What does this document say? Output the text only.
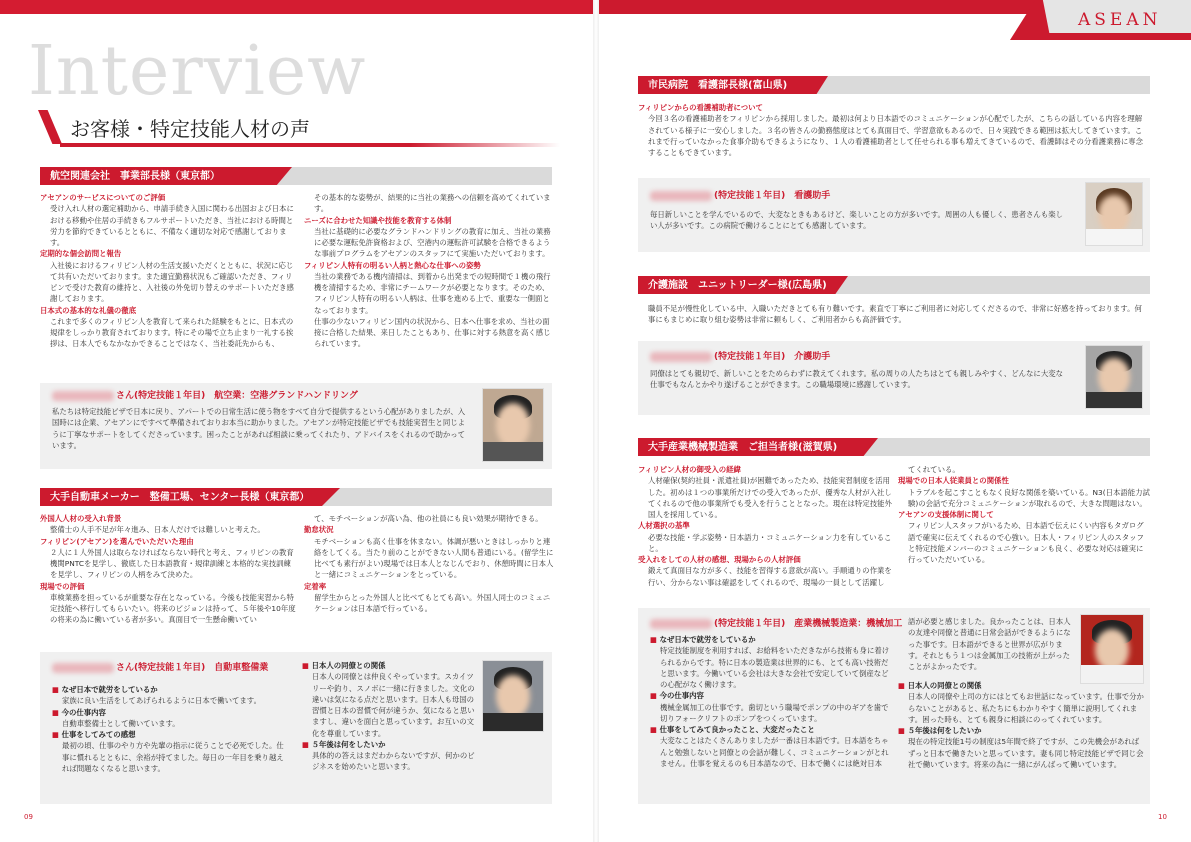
ASEAN
Interview
お客様・特定技能人材の声
航空関連会社　事業部長様（東京都）
アセアンのサービスについてのご評価
受け入れ人材の選定補助から、申請手続き入国に関わる出国および日本における移動や住居の手続きもフルサポートいただき、当社における時間と労力を節約できているとともに、不備なく適切な対応で感謝しております。
定期的な個会訪問と報告
入社後におけるフィリピン人材の生活支援いただくとともに、状況に応じて共有いただいております。また適宜勤務状況もご確認いただき、フィリピンで受けた教育の維持と、入社後の外免切り替えのサポートいただき感謝しております。
日本式の基本的な礼儀の徹底
これまで多くのフィリピン人を教育して来られた経験をもとに、日本式の規律をしっかり教育されております。特にその場で立ち止まり一礼する挨拶は、日本人でもなかなかできることではなく、当社委託先からも、
その基本的な姿勢が、結果的に当社の業務への信頼を高めてくれています。
ニーズに合わせた知識や技能を教育する体制
当社に基礎的に必要なグランドハンドリングの教育に加え、当社の業務に必要な運転免許資格および、空港内の運転許可試験を合格できるような事前プログラムをアセアンのスタッフにて実施いただいております。
フィリピン人特有の明るい人柄と熱心な仕事への姿勢
当社の業務である機内清掃は、到着から出発までの短時間で１機の飛行機を清掃するため、非常にチームワークが必要となります。そのため、フィリピン人特有の明るい人柄は、仕事を進める上で、重要な一側面となっております。
仕事の少ないフィリピン国内の状況から、日本へ仕事を求め、当社の面接に合格した結果、来日したこともあり、仕事に対する熱意を高く感じられています。
さん(特定技能１年目)　航空業：空港グランドハンドリング
私たちは特定技能ビザで日本に戻り、アパートでの日常生活に使う物をすべて自分で提供するという心配がありましたが、入国時には企業、アセアンにですべて準備されておりお本当に助かりました。アセアンが特定技能ビザでも技能実習生と同じように丁寧なサポートをしてくださっています。困ったことがあれば相談に乗ってくれたり、アドバイスをくれるので助かっています。
大手自動車メーカー　整備工場、センター長様（東京都）
外国人人材の受入れ背景
整備士の人手不足が年々進み、日本人だけでは難しいと考えた。
フィリピン(アセアン)を選んでいただいた理由
２人に１人外国人は取らなければならない時代と考え、フィリピンの教育機関PNTCを見学し、徹底した日本語教育・規律訓練と本格的な実技訓練を見学し、フィリピンの人柄をみて決めた。
現場での評価
車検業務を担っているが重要な存在となっている。今後も技能実習から特定技能へ移行してもらいたい。将来のビジョンは持って、５年後や10年度の将来の為に働いている者が多い。真面目で一生懸命働いてい
て、モチベーションが高い為、他の社員にも良い効果が期待できる。
勤怠状況
モチベーションも高く仕事を休まない。体調が悪いときはしっかりと連絡をしてくる。当たり前のことができない人間も普通にいる。(留学生に比べても素行がよい)現場では日本人となじんでおり、休憩時間に日本人と一緒にコミュニケーションをとっている。
定着率
留学生からとった外国人と比べてもとても高い。外国人同士のコミュニケーションは日本語で行っている。
さん(特定技能１年目)　自動車整備業
■ なぜ日本で就労をしているか
家族に良い生活をしてあげられるように日本で働いてます。
■ 今の仕事内容
自動車整備士として働いています。
■ 仕事をしてみての感想
最初の頃、仕事のやり方や先輩の指示に従うことで必死でした。仕事に慣れるとともに、余裕が持てました。毎日の一年目を乗り越えれば問題なくなると思います。
■ 日本人の同僚との関係
日本人の同僚とは仲良くやっています。スカイツリーや釣り、スノボに一緒に行きました。文化の違いは気になる点だと思います。日本人も母国の習慣と日本の習慣で何が違うか、気になると思いますし、違いを面白と思っています。お互いの文化を尊重しています。
■ ５年後は何をしたいか
具体的の答えはまだわからないですが、何かのビジネスを始めたいと思います。
市民病院　看護部長様(富山県)
フィリピンからの看護補助者について
今回３名の看護補助者をフィリピンから採用しました。最初は何より日本語でのコミュニケーションが心配でしたが、こちらの話している内容を理解されている様子に一安心しました。３名の皆さんの勤務態度はとても真面目で、学習意欲もあるので、日々実践できる範囲は拡大してきています。これまで行っていなかった食事介助もできるようになり、１人の看護補助者として任せられる事も増えてきているので、看護師はその分看護業務に専念することもできています。
(特定技能１年目)　看護助手
毎日新しいことを学んでいるので、大変なときもあるけど、楽しいことの方が多いです。周囲の人も優しく、患者さんも楽しい人が多いです。この病院で働けることにとても感謝しています。
介護施設　ユニットリーダー様(広島県)
職員不足が慢性化している中、入職いただきとても有り難いです。素直で丁寧にご利用者に対応してくださるので、非常に好感を持っております。何事にもまじめに取り組む姿勢は非常に頼もしく、ご利用者からも高評価です。
(特定技能１年目)　介護助手
同僚はとても親切で、新しいことをためらわずに教えてくれます。私の周りの人たちはとても親しみやすく、どんなに大変な仕事でもなんとかやり遂げることができます。この職場環境に感謝しています。
大手産業機械製造業　ご担当者様(滋賀県)
フィリピン人材の御受入の経緯
人材確保(契約社員・派遣社員)が困難であったため、技能実習制度を活用した。初めは１つの事業所だけでの受入であったが、優秀な人材が入社してくれるので他の事業所でも受入を行うこととなった。現在は特定技能外国人を採用している。
人材選択の基準
必要な技能・学ぶ姿勢・日本語力・コミュニケーション力を有していること。
受入れをしての人材の感想、現場からの人材評価
鍛えて真面目な方が多く、技能を習得する意欲が高い。手順通りの作業を行い、分からない事は確認をしてくれるので、現場の一員として活躍し
てくれている。
現場での日本人従業員との関係性
トラブルを起こすこともなく良好な関係を築いている。N3(日本語能力試験)の会話で充分コミュニケーションが取れるので、大きな問題はない。
アセアンの支援体制に関して
フィリピン人スタッフがいるため、日本語で伝えにくい内容もタガログ語で確実に伝えてくれるので心強い。日本人・フィリピン人のスタッフと特定技能メンバーのコミュニケーションも良く、必要な対応は確実に行っていただいている。
(特定技能１年目)　産業機械製造業：機械加工
■ なぜ日本で就労をしているか
特定技能制度を利用すれば、お給料をいただきながら技術も身に着けられるからです。特に日本の製造業は世界的にも、とても高い技術だと思います。今働いている会社は大きな会社で安定していて倒産などの心配がなく働けます。
■ 今の仕事内容
機械金属加工の仕事です。歯切という職場でポンプの中のギアを歯で切りフォークリフトのポンプをつくっています。
■ 仕事をしてみて良かったこと、大変だったこと
大変なことはたくさんありましたが一番は日本語です。日本語をちゃんと勉強しないと同僚との会話が難しく、コミュニケーションがとれません。仕事を覚えるのも日本語なので、日本で働くには絶対日本
語が必要と感じました。良かったことは、日本人の友達や同僚と普通に日常会話ができるようになった事です。日本語ができると世界が広がります。それともう１つは金属加工の技術が上がったことがよかったです。
■ 日本人の同僚との関係
日本人の同僚や上司の方にはとてもお世話になっています。仕事で分からないことがあると、私たちにもわかりやすく簡単に説明してくれます。困った時も、とても親身に相談にのってくれています。
■ ５年後は何をしたいか
現在の特定技能1号の制度は5年間で終了ですが、この先機会があればずっと日本で働きたいと思っています。妻も同じ特定技能ビザで同じ会社で働いています。将来の為に一緒にがんばって働いています。
09	10
